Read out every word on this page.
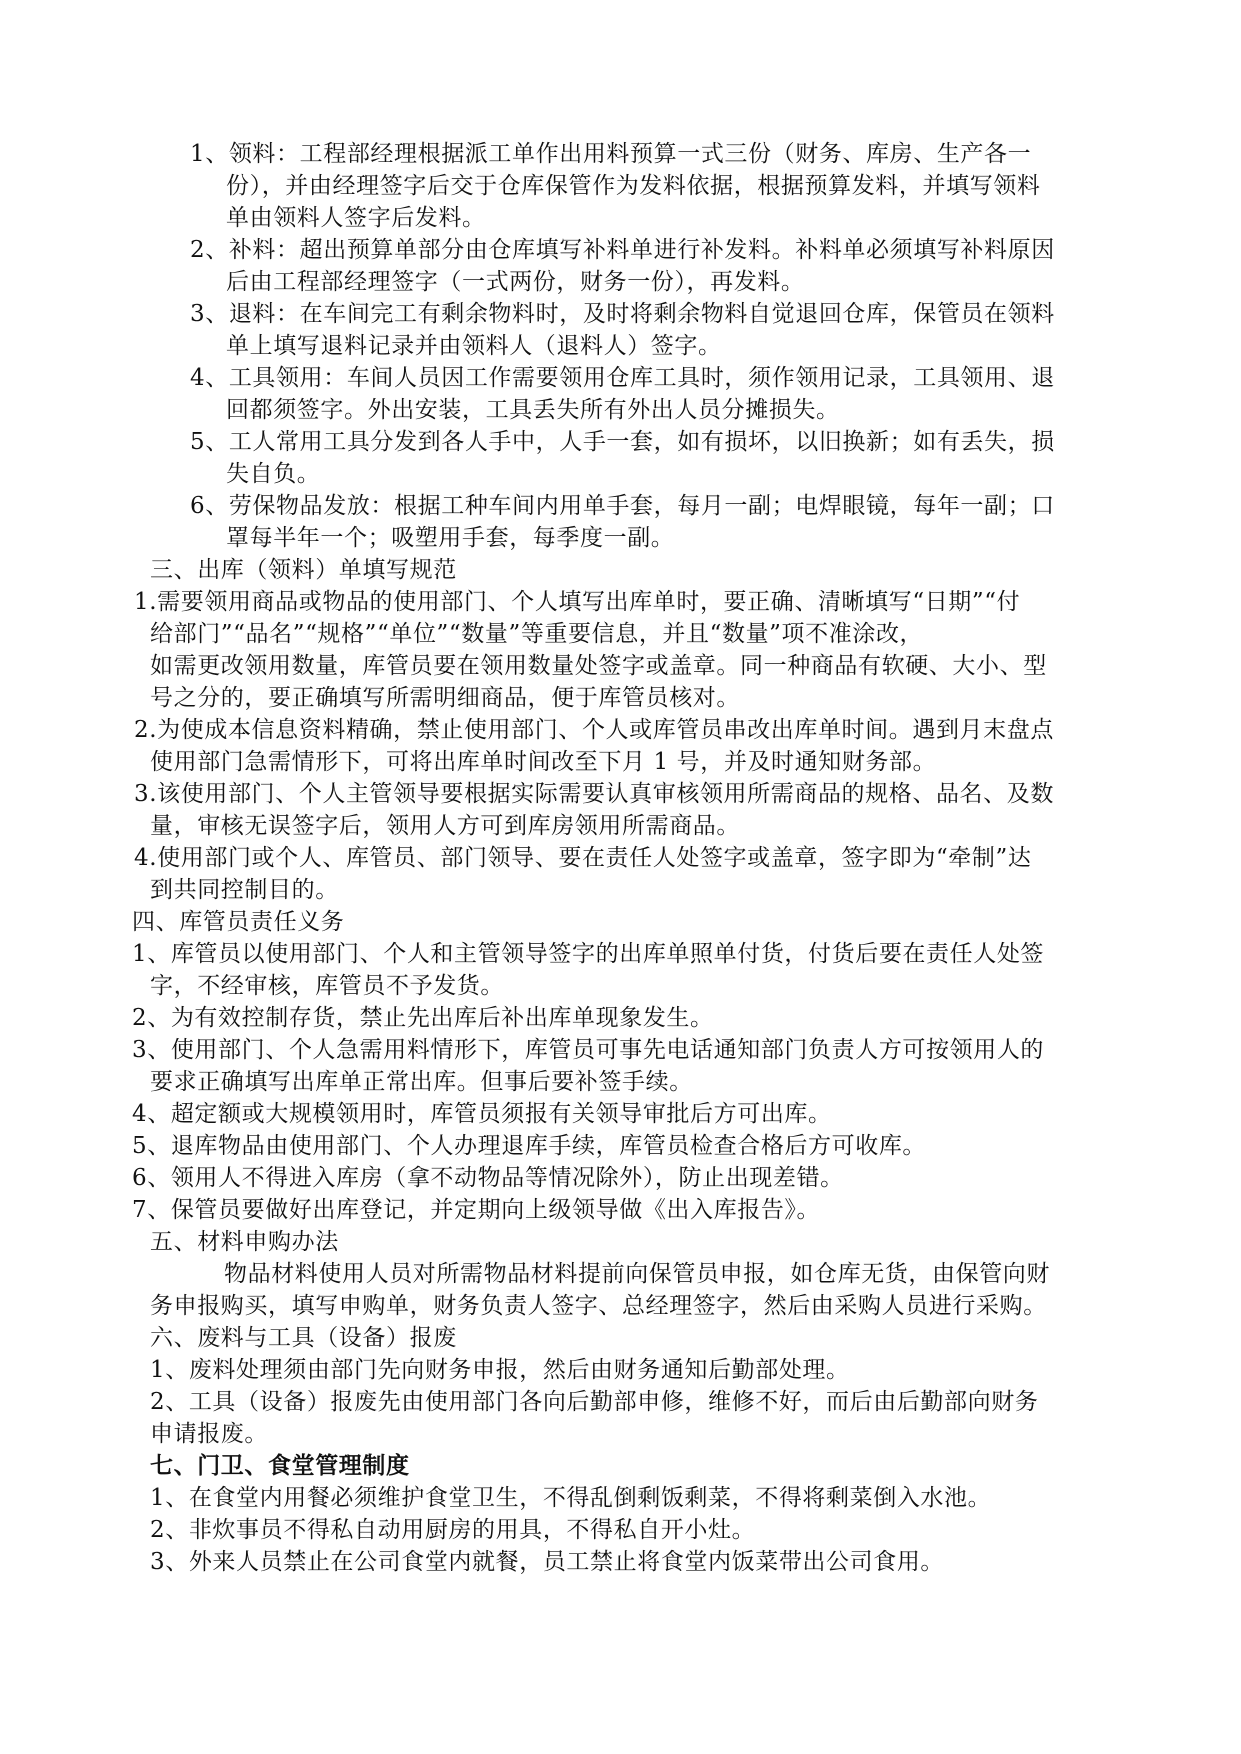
1、领料：工程部经理根据派工单作出用料预算一式三份（财务、库房、生产各一
份），并由经理签字后交于仓库保管作为发料依据，根据预算发料，并填写领料
单由领料人签字后发料。
2、补料：超出预算单部分由仓库填写补料单进行补发料。补料单必须填写补料原因
后由工程部经理签字（一式两份，财务一份），再发料。
3、退料：在车间完工有剩余物料时，及时将剩余物料自觉退回仓库，保管员在领料
单上填写退料记录并由领料人（退料人）签字。
4、工具领用：车间人员因工作需要领用仓库工具时，须作领用记录，工具领用、退
回都须签字。外出安装，工具丢失所有外出人员分摊损失。
5、工人常用工具分发到各人手中，人手一套，如有损坏，以旧换新；如有丢失，损
失自负。
6、劳保物品发放：根据工种车间内用单手套，每月一副；电焊眼镜，每年一副；口
罩每半年一个；吸塑用手套，每季度一副。
三、出库（领料）单填写规范
1.需要领用商品或物品的使用部门、个人填写出库单时，要正确、清晰填写“日期”“付
给部门”“品名”“规格”“单位”“数量”等重要信息，并且“数量”项不准涂改，
如需更改领用数量，库管员要在领用数量处签字或盖章。同一种商品有软硬、大小、型
号之分的，要正确填写所需明细商品，便于库管员核对。
2.为使成本信息资料精确，禁止使用部门、个人或库管员串改出库单时间。遇到月末盘点
使用部门急需情形下，可将出库单时间改至下月 1 号，并及时通知财务部。
3.该使用部门、个人主管领导要根据实际需要认真审核领用所需商品的规格、品名、及数
量，审核无误签字后，领用人方可到库房领用所需商品。
4.使用部门或个人、库管员、部门领导、要在责任人处签字或盖章，签字即为“牵制”达
到共同控制目的。
四、库管员责任义务
1、库管员以使用部门、个人和主管领导签字的出库单照单付货，付货后要在责任人处签
字，不经审核，库管员不予发货。
2、为有效控制存货，禁止先出库后补出库单现象发生。
3、使用部门、个人急需用料情形下，库管员可事先电话通知部门负责人方可按领用人的
要求正确填写出库单正常出库。但事后要补签手续。
4、超定额或大规模领用时，库管员须报有关领导审批后方可出库。
5、退库物品由使用部门、个人办理退库手续，库管员检查合格后方可收库。
6、领用人不得进入库房（拿不动物品等情况除外），防止出现差错。
7、保管员要做好出库登记，并定期向上级领导做《出入库报告》。
五、材料申购办法
物品材料使用人员对所需物品材料提前向保管员申报，如仓库无货，由保管向财
务申报购买，填写申购单，财务负责人签字、总经理签字，然后由采购人员进行采购。
六、废料与工具（设备）报废
1、废料处理须由部门先向财务申报，然后由财务通知后勤部处理。
2、工具（设备）报废先由使用部门各向后勤部申修，维修不好，而后由后勤部向财务
申请报废。
七、门卫、食堂管理制度
1、在食堂内用餐必须维护食堂卫生，不得乱倒剩饭剩菜，不得将剩菜倒入水池。
2、非炊事员不得私自动用厨房的用具，不得私自开小灶。
3、外来人员禁止在公司食堂内就餐，员工禁止将食堂内饭菜带出公司食用。
